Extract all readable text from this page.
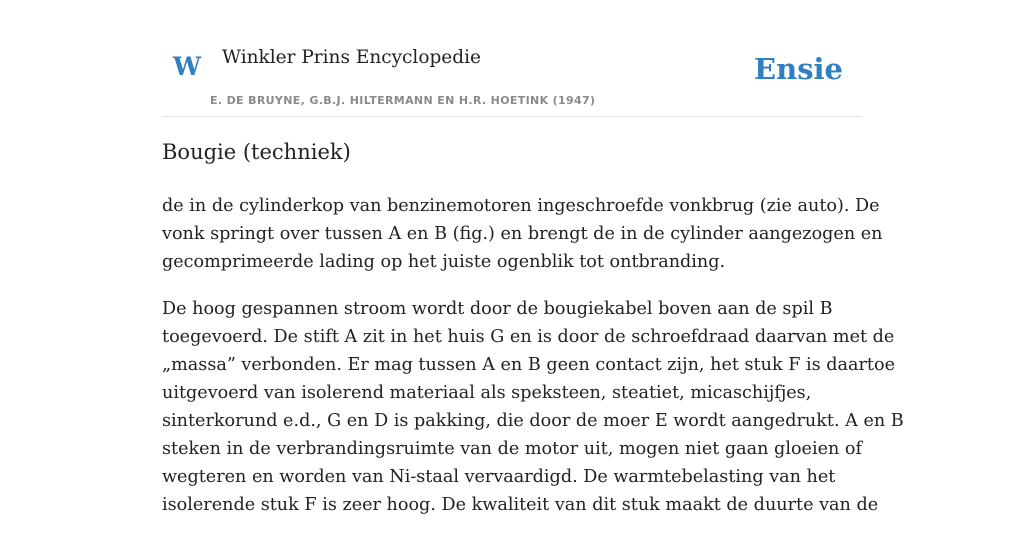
W Winkler Prins Encyclopedie
E. DE BRUYNE, G.B.J. HILTERMANN EN H.R. HOETINK (1947)
Ensie
Bougie (techniek)

de in de cylinderkop van benzinemotoren ingeschroefde vonkbrug (zie auto). De
vonk springt over tussen A en B (fig.) en brengt de in de cylinder aangezogen en
gecomprimeerde lading op het juiste ogenblik tot ontbranding.

De hoog gespannen stroom wordt door de bougiekabel boven aan de spil B
toegevoerd. De stift A zit in het huis G en is door de schroefdraad daarvan met de
„massa” verbonden. Er mag tussen A en B geen contact zijn, het stuk F is daartoe
uitgevoerd van isolerend materiaal als speksteen, steatiet, micaschijfjes,
sinterkorund e.d., G en D is pakking, die door de moer E wordt aangedrukt. A en B
steken in de verbrandingsruimte van de motor uit, mogen niet gaan gloeien of
wegteren en worden van Ni-staal vervaardigd. De warmtebelasting van het
isolerende stuk F is zeer hoog. De kwaliteit van dit stuk maakt de duurte van de
